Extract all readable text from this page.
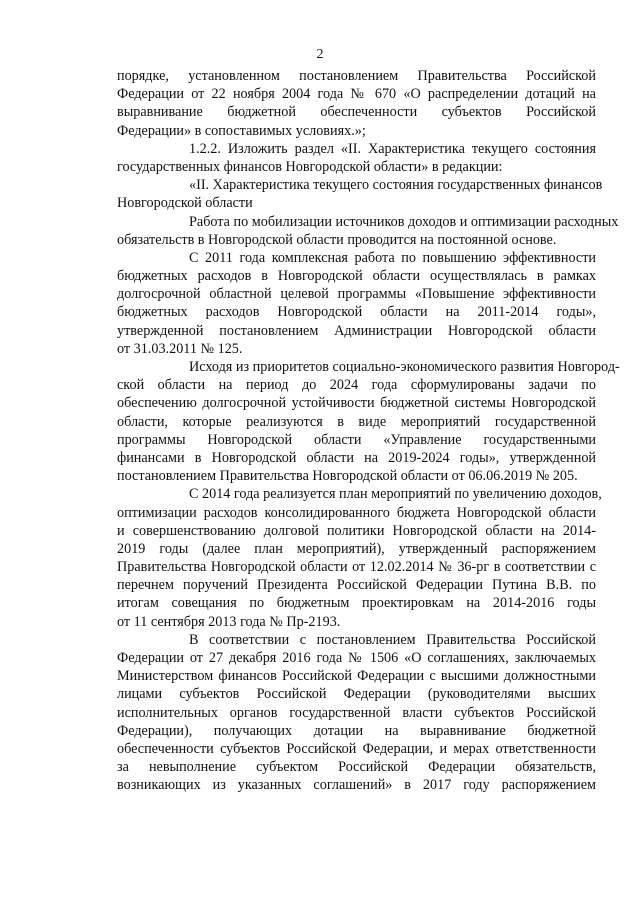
2
порядке, установленном постановлением Правительства Российской
Федерации от 22 ноября 2004 года № 670 «О распределении дотаций на
выравнивание бюджетной обеспеченности субъектов Российской
Федерации» в сопоставимых условиях.»;
1.2.2. Изложить раздел «II. Характеристика текущего состояния
государственных финансов Новгородской области» в редакции:
«II. Характеристика текущего состояния государственных финансов
Новгородской области
Работа по мобилизации источников доходов и оптимизации расходных
обязательств в Новгородской области проводится на постоянной основе.
С 2011 года комплексная работа по повышению эффективности
бюджетных расходов в Новгородской области осуществлялась в рамках
долгосрочной областной целевой программы «Повышение эффективности
бюджетных расходов Новгородской области на 2011-2014 годы»,
утвержденной постановлением Администрации Новгородской области
от 31.03.2011 № 125.
Исходя из приоритетов социально-экономического развития Новгород-
ской области на период до 2024 года сформулированы задачи по
обеспечению долгосрочной устойчивости бюджетной системы Новгородской
области, которые реализуются в виде мероприятий государственной
программы Новгородской области «Управление государственными
финансами в Новгородской области на 2019-2024 годы», утвержденной
постановлением Правительства Новгородской области от 06.06.2019 № 205.
С 2014 года реализуется план мероприятий по увеличению доходов,
оптимизации расходов консолидированного бюджета Новгородской области
и совершенствованию долговой политики Новгородской области на 2014-
2019 годы (далее план мероприятий), утвержденный распоряжением
Правительства Новгородской области от 12.02.2014 № 36-рг в соответствии с
перечнем поручений Президента Российской Федерации Путина В.В. по
итогам совещания по бюджетным проектировкам на 2014-2016 годы
от 11 сентября 2013 года № Пр-2193.
В соответствии с постановлением Правительства Российской
Федерации от 27 декабря 2016 года № 1506 «О соглашениях, заключаемых
Министерством финансов Российской Федерации с высшими должностными
лицами субъектов Российской Федерации (руководителями высших
исполнительных органов государственной власти субъектов Российской
Федерации), получающих дотации на выравнивание бюджетной
обеспеченности субъектов Российской Федерации, и мерах ответственности
за невыполнение субъектом Российской Федерации обязательств,
возникающих из указанных соглашений» в 2017 году распоряжением
